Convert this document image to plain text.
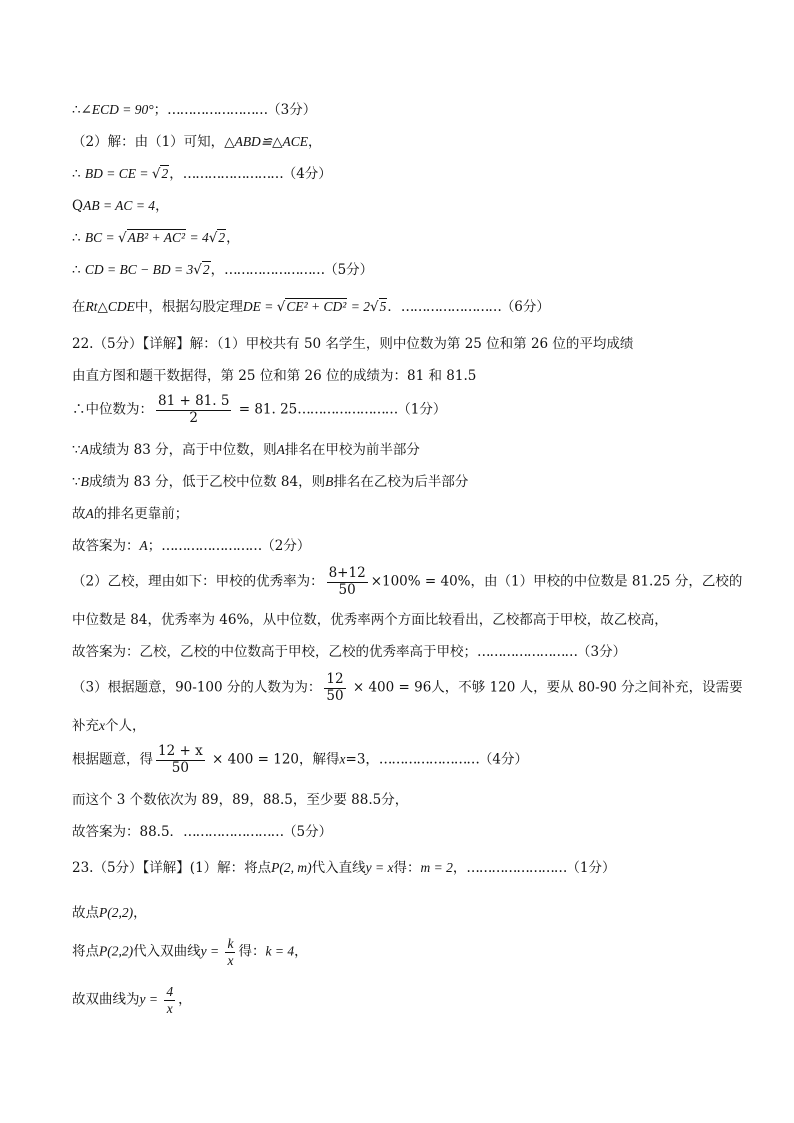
∴∠ECD = 90°；……………………（3分）
（2）解：由（1）可知，△ABD≌△ACE，
∴ BD = CE = √2，……………………（4分）
QAB = AC = 4，
∴ BC = √AB² + AC² = 4√2，
∴ CD = BC − BD = 3√2，……………………（5分）
在Rt△CDE中，根据勾股定理DE = √CE² + CD² = 2√5．……………………（6分）
22.（5分）【详解】解：（1）甲校共有 50 名学生，则中位数为第 25 位和第 26 位的平均成绩
由直方图和题干数据得，第 25 位和第 26 位的成绩为：81 和 81.5
∴中位数为： $\frac{81 + 81. 5}{2} = 81$. 25……………………（1分）
∵A成绩为 83 分，高于中位数，则A排名在甲校为前半部分
∵B成绩为 83 分，低于乙校中位数 84，则B排名在乙校为后半部分
故A的排名更靠前；
故答案为：A；……………………（2分）
（2）乙校，理由如下：甲校的优秀率为： $\frac{8+12}{50} \times 100\% = 40\%$，由（1）甲校的中位数是 81.25 分，乙校的
中位数是 84，优秀率为 46%，从中位数，优秀率两个方面比较看出，乙校都高于甲校，故乙校高，
故答案为：乙校，乙校的中位数高于甲校，乙校的优秀率高于甲校；……………………（3分）
（3）根据题意，90-100 分的人数为为： $\frac{12}{50} \times 400 = 96$人，不够 120 人，要从 80-90 分之间补充，设需要
补充x个人，
根据题意，得 $\frac{12 + x}{50} \times 400 = 120$，解得x=3，……………………（4分）
而这个 3 个数依次为 89，89，88.5，至少要 88.5分，
故答案为：88.5．……………………（5分）
23.（5分）【详解】(1）解：将点P(2, m)代入直线y = x得：m = 2，……………………（1分）
故点P(2,2)，
将点P(2,2)代入双曲线$y = \frac{k}{x}$ 得：k = 4，
故双曲线为$y = \frac{4}{x}$ ，
